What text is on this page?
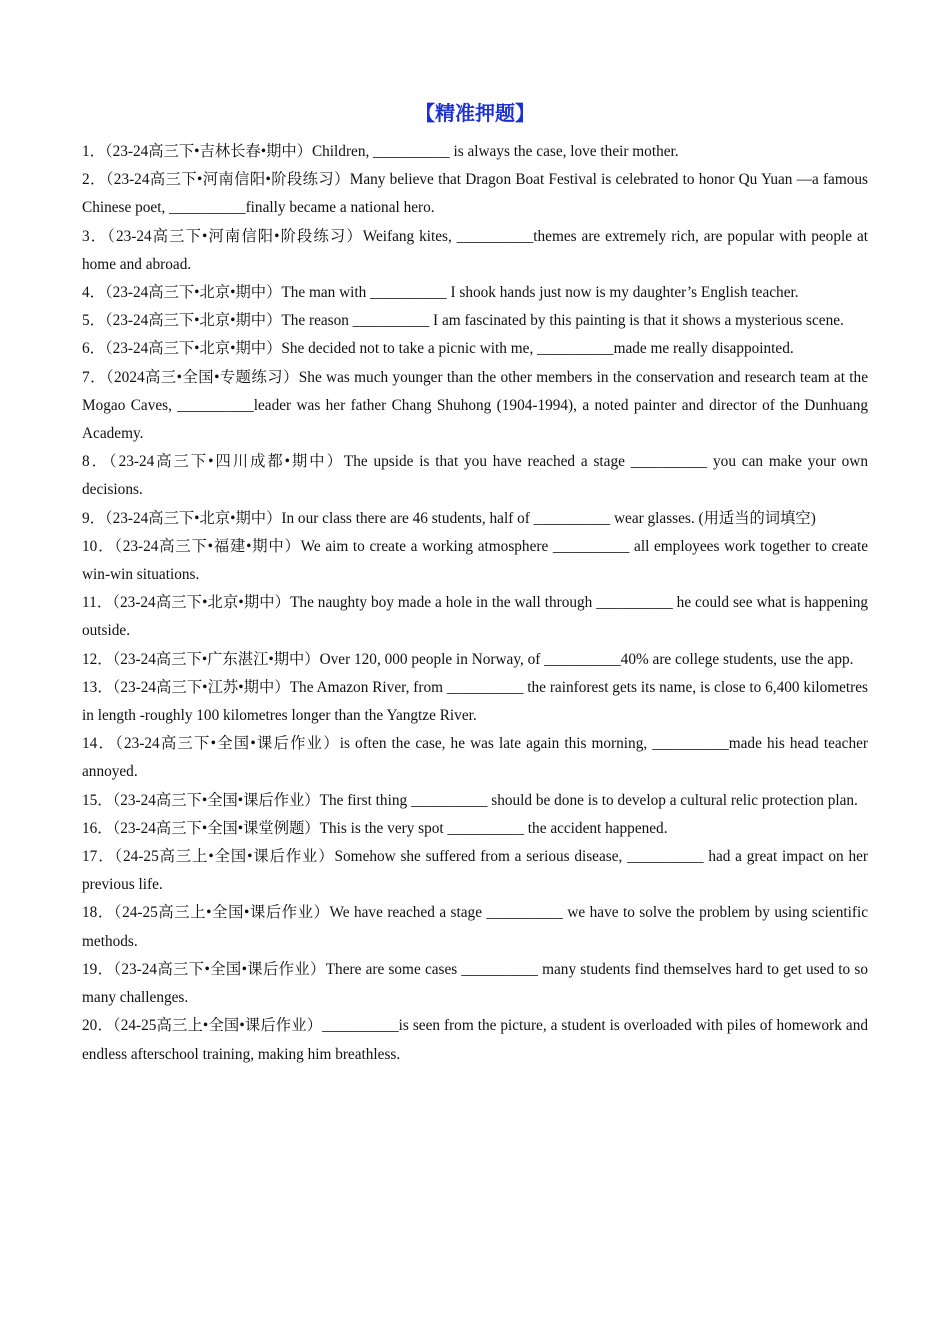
【精准押题】
1．（23-24高三下•吉林长春•期中）Children, __________ is always the case, love their mother.
2．（23-24高三下•河南信阳•阶段练习）Many believe that Dragon Boat Festival is celebrated to honor Qu Yuan —a famous Chinese poet, __________finally became a national hero.
3．（23-24高三下•河南信阳•阶段练习）Weifang kites, __________themes are extremely rich, are popular with people at home and abroad.
4．（23-24高三下•北京•期中）The man with __________ I shook hands just now is my daughter’s English teacher.
5．（23-24高三下•北京•期中）The reason __________ I am fascinated by this painting is that it shows a mysterious scene.
6．（23-24高三下•北京•期中）She decided not to take a picnic with me, __________made me really disappointed.
7．（2024高三•全国•专题练习）She was much younger than the other members in the conservation and research team at the Mogao Caves, __________leader was her father Chang Shuhong (1904-1994), a noted painter and director of the Dunhuang Academy.
8．（23-24高三下•四川成都•期中）The upside is that you have reached a stage __________ you can make your own decisions.
9．（23-24高三下•北京•期中）In our class there are 46 students, half of __________ wear glasses. (用适当的词填空)
10．（23-24高三下•福建•期中）We aim to create a working atmosphere __________ all employees work together to create win-win situations.
11．（23-24高三下•北京•期中）The naughty boy made a hole in the wall through __________ he could see what is happening outside.
12．（23-24高三下•广东湛江•期中）Over 120, 000 people in Norway, of __________40% are college students, use the app.
13．（23-24高三下•江苏•期中）The Amazon River, from __________ the rainforest gets its name, is close to 6,400 kilometres in length -roughly 100 kilometres longer than the Yangtze River.
14．（23-24高三下•全国•课后作业）is often the case, he was late again this morning, __________made his head teacher annoyed.
15．（23-24高三下•全国•课后作业）The first thing __________ should be done is to develop a cultural relic protection plan.
16．（23-24高三下•全国•课堂例题）This is the very spot __________ the accident happened.
17．（24-25高三上•全国•课后作业）Somehow she suffered from a serious disease, __________ had a great impact on her previous life.
18．（24-25高三上•全国•课后作业）We have reached a stage __________ we have to solve the problem by using scientific methods.
19．（23-24高三下•全国•课后作业）There are some cases __________ many students find themselves hard to get used to so many challenges.
20．（24-25高三上•全国•课后作业）__________is seen from the picture, a student is overloaded with piles of homework and endless afterschool training, making him breathless.
